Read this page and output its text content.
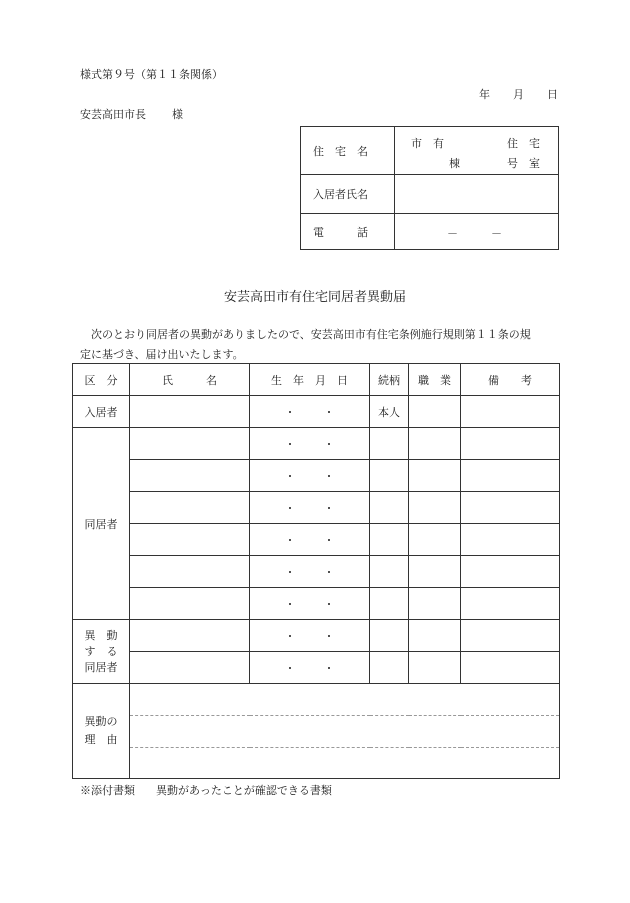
様式第９号（第１１条関係）
年 月 日
安芸高田市長 様
住　宅　名	市　有 住　宅
棟 号　室

入居者氏名	
電　　　話	－ －
安芸高田市有住宅同居者異動届
次のとおり同居者の異動がありましたので、安芸高田市有住宅条例施行規則第１１条の規
定に基づき、届け出いたします。
区　分	氏　　　名	生　年　月　日	続柄	職　業	備　　考
入居者		・ ・	本人		
同居者		・ ・			
		・ ・			
		・ ・			
		・ ・			
		・ ・			
		・ ・			

異　動
す　る
同居者		・ ・			
		・ ・			

異動の
理　由					

※添付書類 異動があったことが確認できる書類
